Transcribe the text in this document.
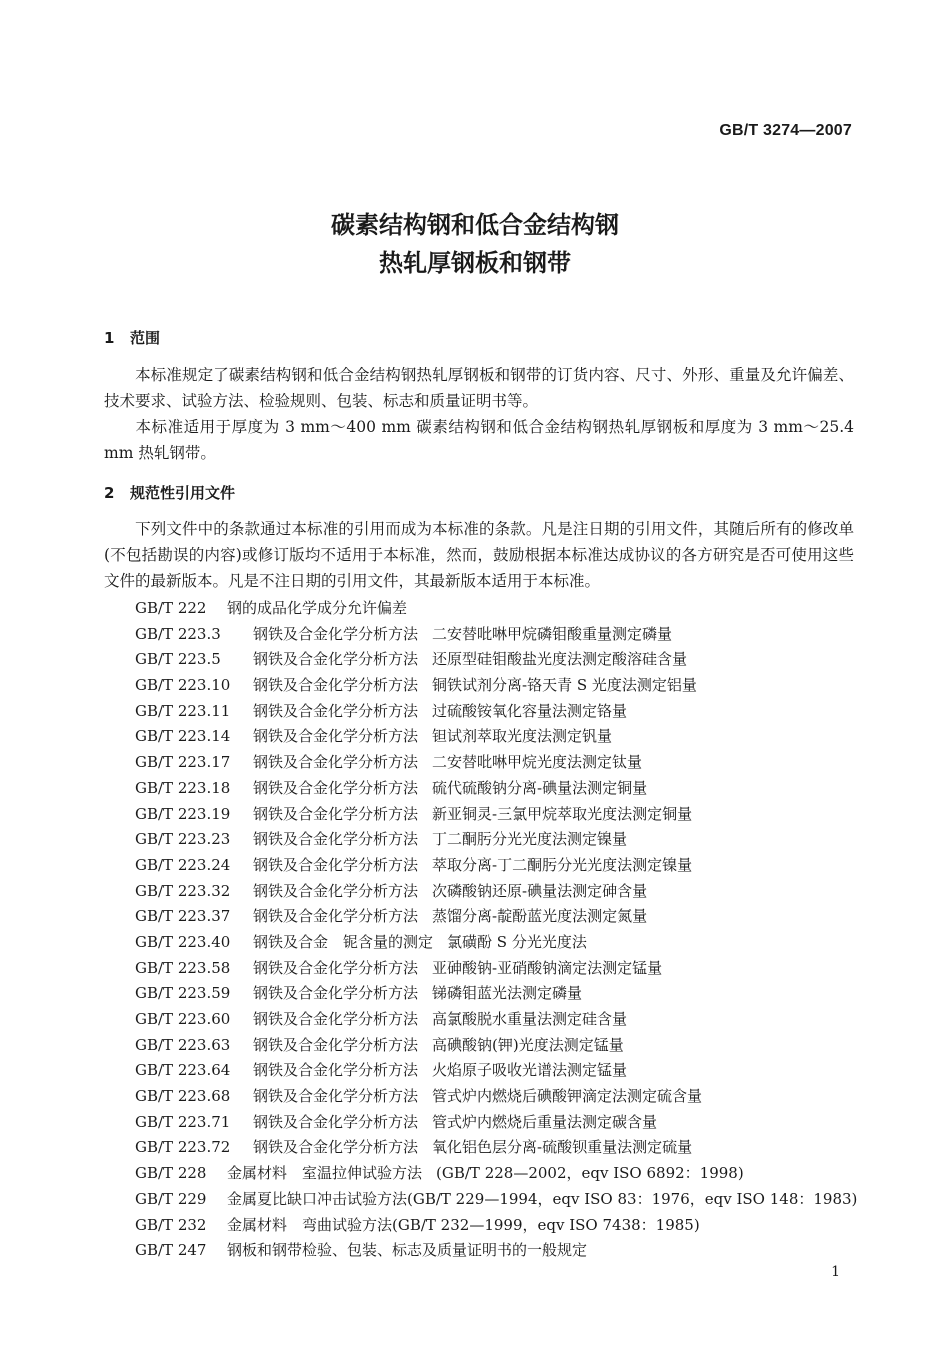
GB/T 3274—2007
碳素结构钢和低合金结构钢
热轧厚钢板和钢带
1 范围
本标准规定了碳素结构钢和低合金结构钢热轧厚钢板和钢带的订货内容、尺寸、外形、重量及允许偏差、技术要求、试验方法、检验规则、包装、标志和质量证明书等。
本标准适用于厚度为 3 mm～400 mm 碳素结构钢和低合金结构钢热轧厚钢板和厚度为 3 mm～25.4 mm 热轧钢带。
2 规范性引用文件
下列文件中的条款通过本标准的引用而成为本标准的条款。凡是注日期的引用文件，其随后所有的修改单(不包括勘误的内容)或修订版均不适用于本标准，然而，鼓励根据本标准达成协议的各方研究是否可使用这些文件的最新版本。凡是不注日期的引用文件，其最新版本适用于本标准。
GB/T 222 钢的成品化学成分允许偏差
GB/T 223.3 钢铁及合金化学分析方法 二安替吡啉甲烷磷钼酸重量测定磷量
GB/T 223.5 钢铁及合金化学分析方法 还原型硅钼酸盐光度法测定酸溶硅含量
GB/T 223.10 钢铁及合金化学分析方法 铜铁试剂分离-铬天青 S 光度法测定铝量
GB/T 223.11 钢铁及合金化学分析方法 过硫酸铵氧化容量法测定铬量
GB/T 223.14 钢铁及合金化学分析方法 钽试剂萃取光度法测定钒量
GB/T 223.17 钢铁及合金化学分析方法 二安替吡啉甲烷光度法测定钛量
GB/T 223.18 钢铁及合金化学分析方法 硫代硫酸钠分离-碘量法测定铜量
GB/T 223.19 钢铁及合金化学分析方法 新亚铜灵-三氯甲烷萃取光度法测定铜量
GB/T 223.23 钢铁及合金化学分析方法 丁二酮肟分光光度法测定镍量
GB/T 223.24 钢铁及合金化学分析方法 萃取分离-丁二酮肟分光光度法测定镍量
GB/T 223.32 钢铁及合金化学分析方法 次磷酸钠还原-碘量法测定砷含量
GB/T 223.37 钢铁及合金化学分析方法 蒸馏分离-靛酚蓝光度法测定氮量
GB/T 223.40 钢铁及合金　铌含量的测定 氯磺酚 S 分光光度法
GB/T 223.58 钢铁及合金化学分析方法 亚砷酸钠-亚硝酸钠滴定法测定锰量
GB/T 223.59 钢铁及合金化学分析方法 锑磷钼蓝光法测定磷量
GB/T 223.60 钢铁及合金化学分析方法 高氯酸脱水重量法测定硅含量
GB/T 223.63 钢铁及合金化学分析方法 高碘酸钠(钾)光度法测定锰量
GB/T 223.64 钢铁及合金化学分析方法 火焰原子吸收光谱法测定锰量
GB/T 223.68 钢铁及合金化学分析方法 管式炉内燃烧后碘酸钾滴定法测定硫含量
GB/T 223.71 钢铁及合金化学分析方法 管式炉内燃烧后重量法测定碳含量
GB/T 223.72 钢铁及合金化学分析方法 氧化铝色层分离-硫酸钡重量法测定硫量
GB/T 228 金属材料　室温拉伸试验方法 (GB/T 228—2002，eqv ISO 6892：1998)
GB/T 229 金属夏比缺口冲击试验方法(GB/T 229—1994，eqv ISO 83：1976，eqv ISO 148：1983)
GB/T 232 金属材料　弯曲试验方法(GB/T 232—1999，eqv ISO 7438：1985)
GB/T 247 钢板和钢带检验、包装、标志及质量证明书的一般规定
1
